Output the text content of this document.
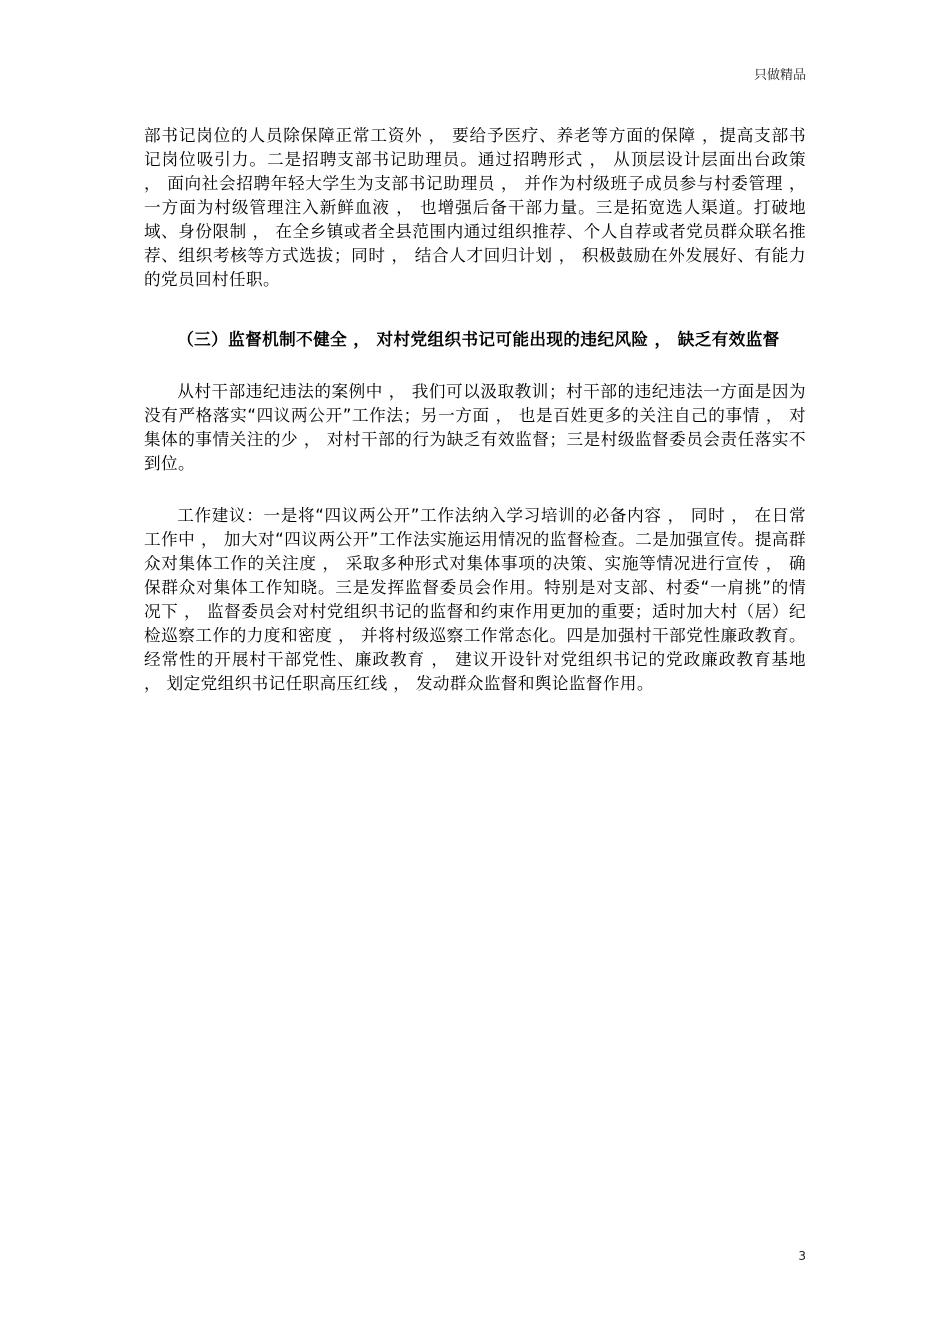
只做精品

部书记岗位的人员除保障正常工资外 ， 要给予医疗、养老等方面的保障 ，提高支部书记岗位吸引力。二是招聘支部书记助理员。通过招聘形式 ， 从顶层设计层面出台政策 ， 面向社会招聘年轻大学生为支部书记助理员 ， 并作为村级班子成员参与村委管理 ， 一方面为村级管理注入新鲜血液 ， 也增强后备干部力量。三是拓宽选人渠道。打破地域、身份限制 ， 在全乡镇或者全县范围内通过组织推荐、个人自荐或者党员群众联名推荐、组织考核等方式选拔；同时 ， 结合人才回归计划 ， 积极鼓励在外发展好、有能力的党员回村任职。

（三）监督机制不健全 ， 对村党组织书记可能出现的违纪风险 ， 缺乏有效监督

从村干部违纪违法的案例中 ， 我们可以汲取教训；村干部的违纪违法一方面是因为没有严格落实“四议两公开”工作法；另一方面 ， 也是百姓更多的关注自己的事情 ， 对集体的事情关注的少 ， 对村干部的行为缺乏有效监督；三是村级监督委员会责任落实不到位。

工作建议：一是将“四议两公开”工作法纳入学习培训的必备内容 ， 同时 ， 在日常工作中 ， 加大对“四议两公开”工作法实施运用情况的监督检查。二是加强宣传。提高群众对集体工作的关注度 ， 采取多种形式对集体事项的决策、实施等情况进行宣传 ， 确保群众对集体工作知晓。三是发挥监督委员会作用。特别是对支部、村委“一肩挑”的情况下 ， 监督委员会对村党组织书记的监督和约束作用更加的重要；适时加大村（居）纪检巡察工作的力度和密度 ， 并将村级巡察工作常态化。四是加强村干部党性廉政教育。经常性的开展村干部党性、廉政教育 ， 建议开设针对党组织书记的党政廉政教育基地 ， 划定党组织书记任职高压红线 ， 发动群众监督和舆论监督作用。

3
